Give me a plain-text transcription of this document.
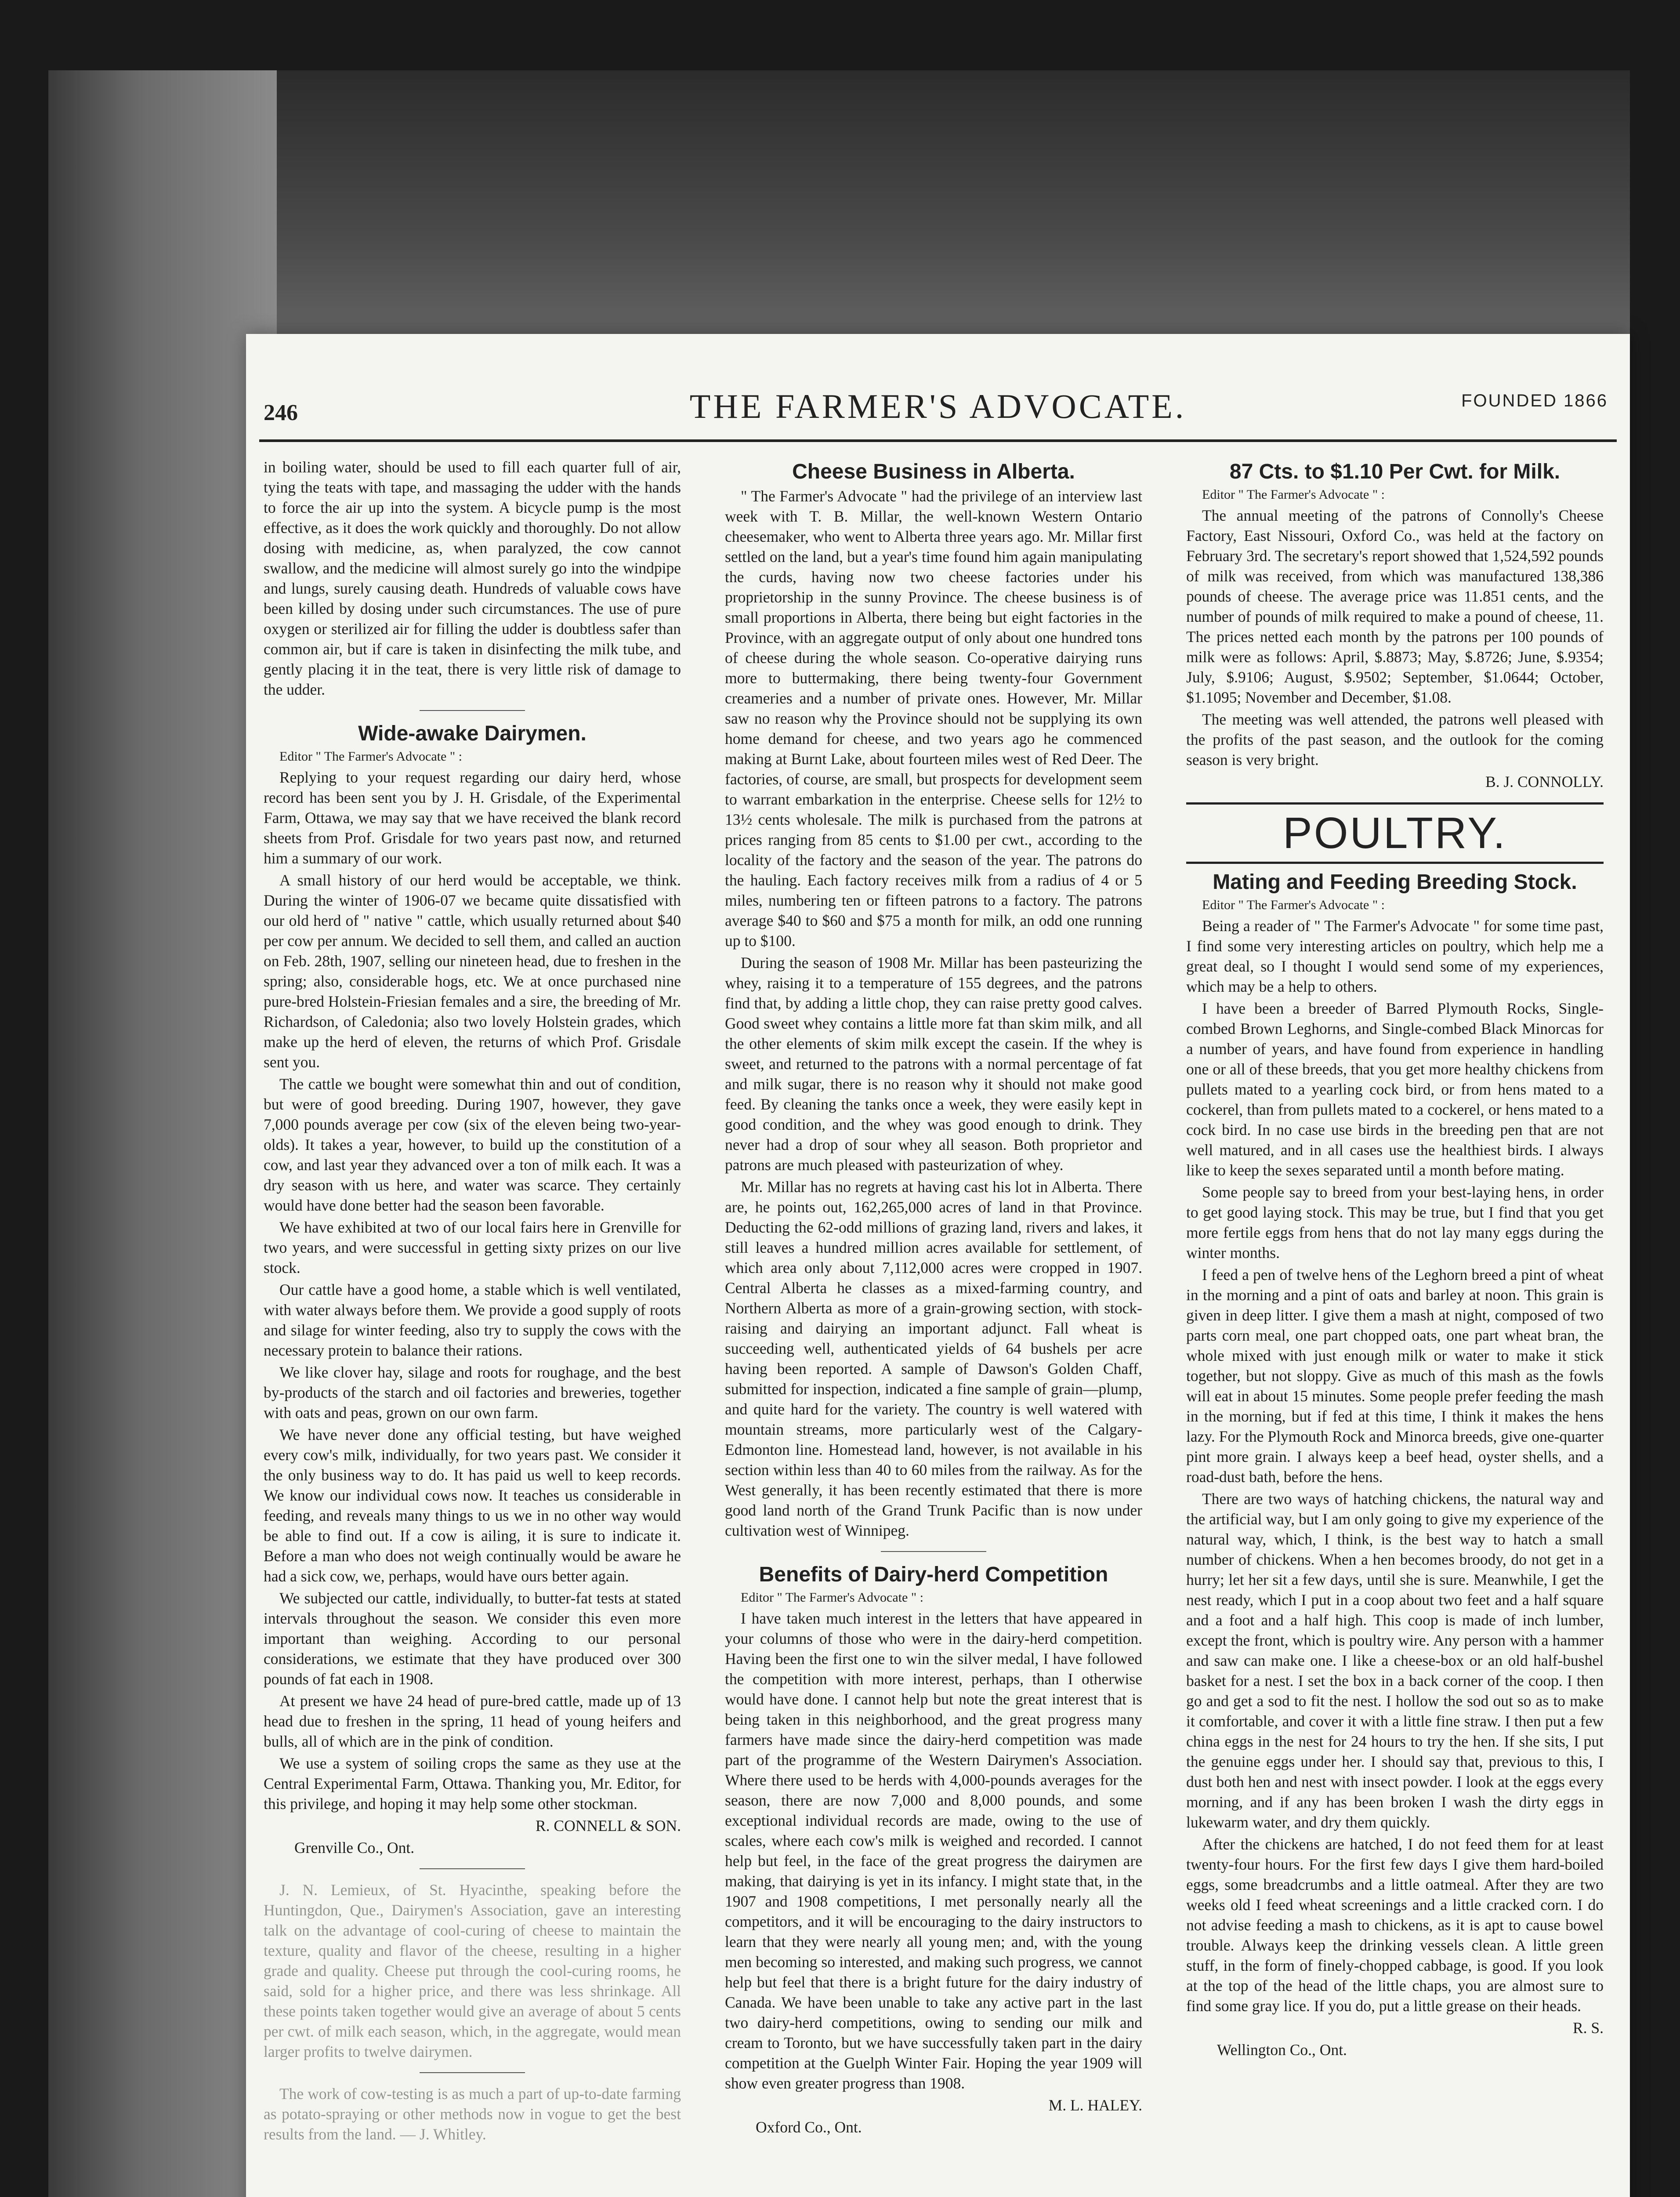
246	THE FARMER'S ADVOCATE.	FOUNDED 1866

in boiling water, should be used to fill each quarter full of air, tying the teats with tape, and massaging the udder with the hands to force the air up into the system. A bicycle pump is the most effective, as it does the work quickly and thoroughly. Do not allow dosing with medicine, as, when paralyzed, the cow cannot swallow, and the medicine will almost surely go into the windpipe and lungs, surely causing death. Hundreds of valuable cows have been killed by dosing under such circumstances. The use of pure oxygen or sterilized air for filling the udder is doubtless safer than common air, but if care is taken in disinfecting the milk tube, and gently placing it in the teat, there is very little risk of damage to the udder.

Wide-awake Dairymen.

Editor " The Farmer's Advocate " :

Replying to your request regarding our dairy herd, whose record has been sent you by J. H. Grisdale, of the Experimental Farm, Ottawa, we may say that we have received the blank record sheets from Prof. Grisdale for two years past now, and returned him a summary of our work.

A small history of our herd would be acceptable, we think. During the winter of 1906-07 we became quite dissatisfied with our old herd of " native " cattle, which usually returned about $40 per cow per annum. We decided to sell them, and called an auction on Feb. 28th, 1907, selling our nineteen head, due to freshen in the spring; also, considerable hogs, etc. We at once purchased nine pure-bred Holstein-Friesian females and a sire, the breeding of Mr. Richardson, of Caledonia; also two lovely Holstein grades, which make up the herd of eleven, the returns of which Prof. Grisdale sent you.

The cattle we bought were somewhat thin and out of condition, but were of good breeding. During 1907, however, they gave 7,000 pounds average per cow (six of the eleven being two-year-olds). It takes a year, however, to build up the constitution of a cow, and last year they advanced over a ton of milk each. It was a dry season with us here, and water was scarce. They certainly would have done better had the season been favorable.

We have exhibited at two of our local fairs here in Grenville for two years, and were successful in getting sixty prizes on our live stock.

Our cattle have a good home, a stable which is well ventilated, with water always before them. We provide a good supply of roots and silage for winter feeding, also try to supply the cows with the necessary protein to balance their rations.

We like clover hay, silage and roots for roughage, and the best by-products of the starch and oil factories and breweries, together with oats and peas, grown on our own farm.

We have never done any official testing, but have weighed every cow's milk, individually, for two years past. We consider it the only business way to do. It has paid us well to keep records. We know our individual cows now. It teaches us considerable in feeding, and reveals many things to us we in no other way would be able to find out. If a cow is ailing, it is sure to indicate it. Before a man who does not weigh continually would be aware he had a sick cow, we, perhaps, would have ours better again.

We subjected our cattle, individually, to butter-fat tests at stated intervals throughout the season. We consider this even more important than weighing. According to our personal considerations, we estimate that they have produced over 300 pounds of fat each in 1908.

At present we have 24 head of pure-bred cattle, made up of 13 head due to freshen in the spring, 11 head of young heifers and bulls, all of which are in the pink of condition.

We use a system of soiling crops the same as they use at the Central Experimental Farm, Ottawa. Thanking you, Mr. Editor, for this privilege, and hoping it may help some other stockman.

R. CONNELL & SON.

Grenville Co., Ont.

J. N. Lemieux, of St. Hyacinthe, speaking before the Huntingdon, Que., Dairymen's Association, gave an interesting talk on the advantage of cool-curing of cheese to maintain the texture, quality and flavor of the cheese, resulting in a higher grade and quality. Cheese put through the cool-curing rooms, he said, sold for a higher price, and there was less shrinkage. All these points taken together would give an average of about 5 cents per cwt. of milk each season, which, in the aggregate, would mean larger profits to twelve dairymen.

The work of cow-testing is as much a part of up-to-date farming as potato-spraying or other methods now in vogue to get the best results from the land. — J. Whitley.

Cheese Business in Alberta.

" The Farmer's Advocate " had the privilege of an interview last week with T. B. Millar, the well-known Western Ontario cheesemaker, who went to Alberta three years ago. Mr. Millar first settled on the land, but a year's time found him again manipulating the curds, having now two cheese factories under his proprietorship in the sunny Province. The cheese business is of small proportions in Alberta, there being but eight factories in the Province, with an aggregate output of only about one hundred tons of cheese during the whole season. Co-operative dairying runs more to buttermaking, there being twenty-four Government creameries and a number of private ones. However, Mr. Millar saw no reason why the Province should not be supplying its own home demand for cheese, and two years ago he commenced making at Burnt Lake, about fourteen miles west of Red Deer. The factories, of course, are small, but prospects for development seem to warrant embarkation in the enterprise. Cheese sells for 12½ to 13½ cents wholesale. The milk is purchased from the patrons at prices ranging from 85 cents to $1.00 per cwt., according to the locality of the factory and the season of the year. The patrons do the hauling. Each factory receives milk from a radius of 4 or 5 miles, numbering ten or fifteen patrons to a factory. The patrons average $40 to $60 and $75 a month for milk, an odd one running up to $100.

During the season of 1908 Mr. Millar has been pasteurizing the whey, raising it to a temperature of 155 degrees, and the patrons find that, by adding a little chop, they can raise pretty good calves. Good sweet whey contains a little more fat than skim milk, and all the other elements of skim milk except the casein. If the whey is sweet, and returned to the patrons with a normal percentage of fat and milk sugar, there is no reason why it should not make good feed. By cleaning the tanks once a week, they were easily kept in good condition, and the whey was good enough to drink. They never had a drop of sour whey all season. Both proprietor and patrons are much pleased with pasteurization of whey.

Mr. Millar has no regrets at having cast his lot in Alberta. There are, he points out, 162,265,000 acres of land in that Province. Deducting the 62-odd millions of grazing land, rivers and lakes, it still leaves a hundred million acres available for settlement, of which area only about 7,112,000 acres were cropped in 1907. Central Alberta he classes as a mixed-farming country, and Northern Alberta as more of a grain-growing section, with stock-raising and dairying an important adjunct. Fall wheat is succeeding well, authenticated yields of 64 bushels per acre having been reported. A sample of Dawson's Golden Chaff, submitted for inspection, indicated a fine sample of grain—plump, and quite hard for the variety. The country is well watered with mountain streams, more particularly west of the Calgary-Edmonton line. Homestead land, however, is not available in his section within less than 40 to 60 miles from the railway. As for the West generally, it has been recently estimated that there is more good land north of the Grand Trunk Pacific than is now under cultivation west of Winnipeg.

Benefits of Dairy-herd Competition

Editor " The Farmer's Advocate " :

I have taken much interest in the letters that have appeared in your columns of those who were in the dairy-herd competition. Having been the first one to win the silver medal, I have followed the competition with more interest, perhaps, than I otherwise would have done. I cannot help but note the great interest that is being taken in this neighborhood, and the great progress many farmers have made since the dairy-herd competition was made part of the programme of the Western Dairymen's Association. Where there used to be herds with 4,000-pounds averages for the season, there are now 7,000 and 8,000 pounds, and some exceptional individual records are made, owing to the use of scales, where each cow's milk is weighed and recorded. I cannot help but feel, in the face of the great progress the dairymen are making, that dairying is yet in its infancy. I might state that, in the 1907 and 1908 competitions, I met personally nearly all the competitors, and it will be encouraging to the dairy instructors to learn that they were nearly all young men; and, with the young men becoming so interested, and making such progress, we cannot help but feel that there is a bright future for the dairy industry of Canada. We have been unable to take any active part in the last two dairy-herd competitions, owing to sending our milk and cream to Toronto, but we have successfully taken part in the dairy competition at the Guelph Winter Fair. Hoping the year 1909 will show even greater progress than 1908.

M. L. HALEY.

Oxford Co., Ont.

87 Cts. to $1.10 Per Cwt. for Milk.

Editor " The Farmer's Advocate " :

The annual meeting of the patrons of Connolly's Cheese Factory, East Nissouri, Oxford Co., was held at the factory on February 3rd. The secretary's report showed that 1,524,592 pounds of milk was received, from which was manufactured 138,386 pounds of cheese. The average price was 11.851 cents, and the number of pounds of milk required to make a pound of cheese, 11. The prices netted each month by the patrons per 100 pounds of milk were as follows: April, $.8873; May, $.8726; June, $.9354; July, $.9106; August, $.9502; September, $1.0644; October, $1.1095; November and December, $1.08.

The meeting was well attended, the patrons well pleased with the profits of the past season, and the outlook for the coming season is very bright.

B. J. CONNOLLY.

POULTRY.
Mating and Feeding Breeding Stock.

Editor " The Farmer's Advocate " :

Being a reader of " The Farmer's Advocate " for some time past, I find some very interesting articles on poultry, which help me a great deal, so I thought I would send some of my experiences, which may be a help to others.

I have been a breeder of Barred Plymouth Rocks, Single-combed Brown Leghorns, and Single-combed Black Minorcas for a number of years, and have found from experience in handling one or all of these breeds, that you get more healthy chickens from pullets mated to a yearling cock bird, or from hens mated to a cockerel, than from pullets mated to a cockerel, or hens mated to a cock bird. In no case use birds in the breeding pen that are not well matured, and in all cases use the healthiest birds. I always like to keep the sexes separated until a month before mating.

Some people say to breed from your best-laying hens, in order to get good laying stock. This may be true, but I find that you get more fertile eggs from hens that do not lay many eggs during the winter months.

I feed a pen of twelve hens of the Leghorn breed a pint of wheat in the morning and a pint of oats and barley at noon. This grain is given in deep litter. I give them a mash at night, composed of two parts corn meal, one part chopped oats, one part wheat bran, the whole mixed with just enough milk or water to make it stick together, but not sloppy. Give as much of this mash as the fowls will eat in about 15 minutes. Some people prefer feeding the mash in the morning, but if fed at this time, I think it makes the hens lazy. For the Plymouth Rock and Minorca breeds, give one-quarter pint more grain. I always keep a beef head, oyster shells, and a road-dust bath, before the hens.

There are two ways of hatching chickens, the natural way and the artificial way, but I am only going to give my experience of the natural way, which, I think, is the best way to hatch a small number of chickens. When a hen becomes broody, do not get in a hurry; let her sit a few days, until she is sure. Meanwhile, I get the nest ready, which I put in a coop about two feet and a half square and a foot and a half high. This coop is made of inch lumber, except the front, which is poultry wire. Any person with a hammer and saw can make one. I like a cheese-box or an old half-bushel basket for a nest. I set the box in a back corner of the coop. I then go and get a sod to fit the nest. I hollow the sod out so as to make it comfortable, and cover it with a little fine straw. I then put a few china eggs in the nest for 24 hours to try the hen. If she sits, I put the genuine eggs under her. I should say that, previous to this, I dust both hen and nest with insect powder. I look at the eggs every morning, and if any has been broken I wash the dirty eggs in lukewarm water, and dry them quickly.

After the chickens are hatched, I do not feed them for at least twenty-four hours. For the first few days I give them hard-boiled eggs, some breadcrumbs and a little oatmeal. After they are two weeks old I feed wheat screenings and a little cracked corn. I do not advise feeding a mash to chickens, as it is apt to cause bowel trouble. Always keep the drinking vessels clean. A little green stuff, in the form of finely-chopped cabbage, is good. If you look at the top of the head of the little chaps, you are almost sure to find some gray lice. If you do, put a little grease on their heads.

R. S.

Wellington Co., Ont.
